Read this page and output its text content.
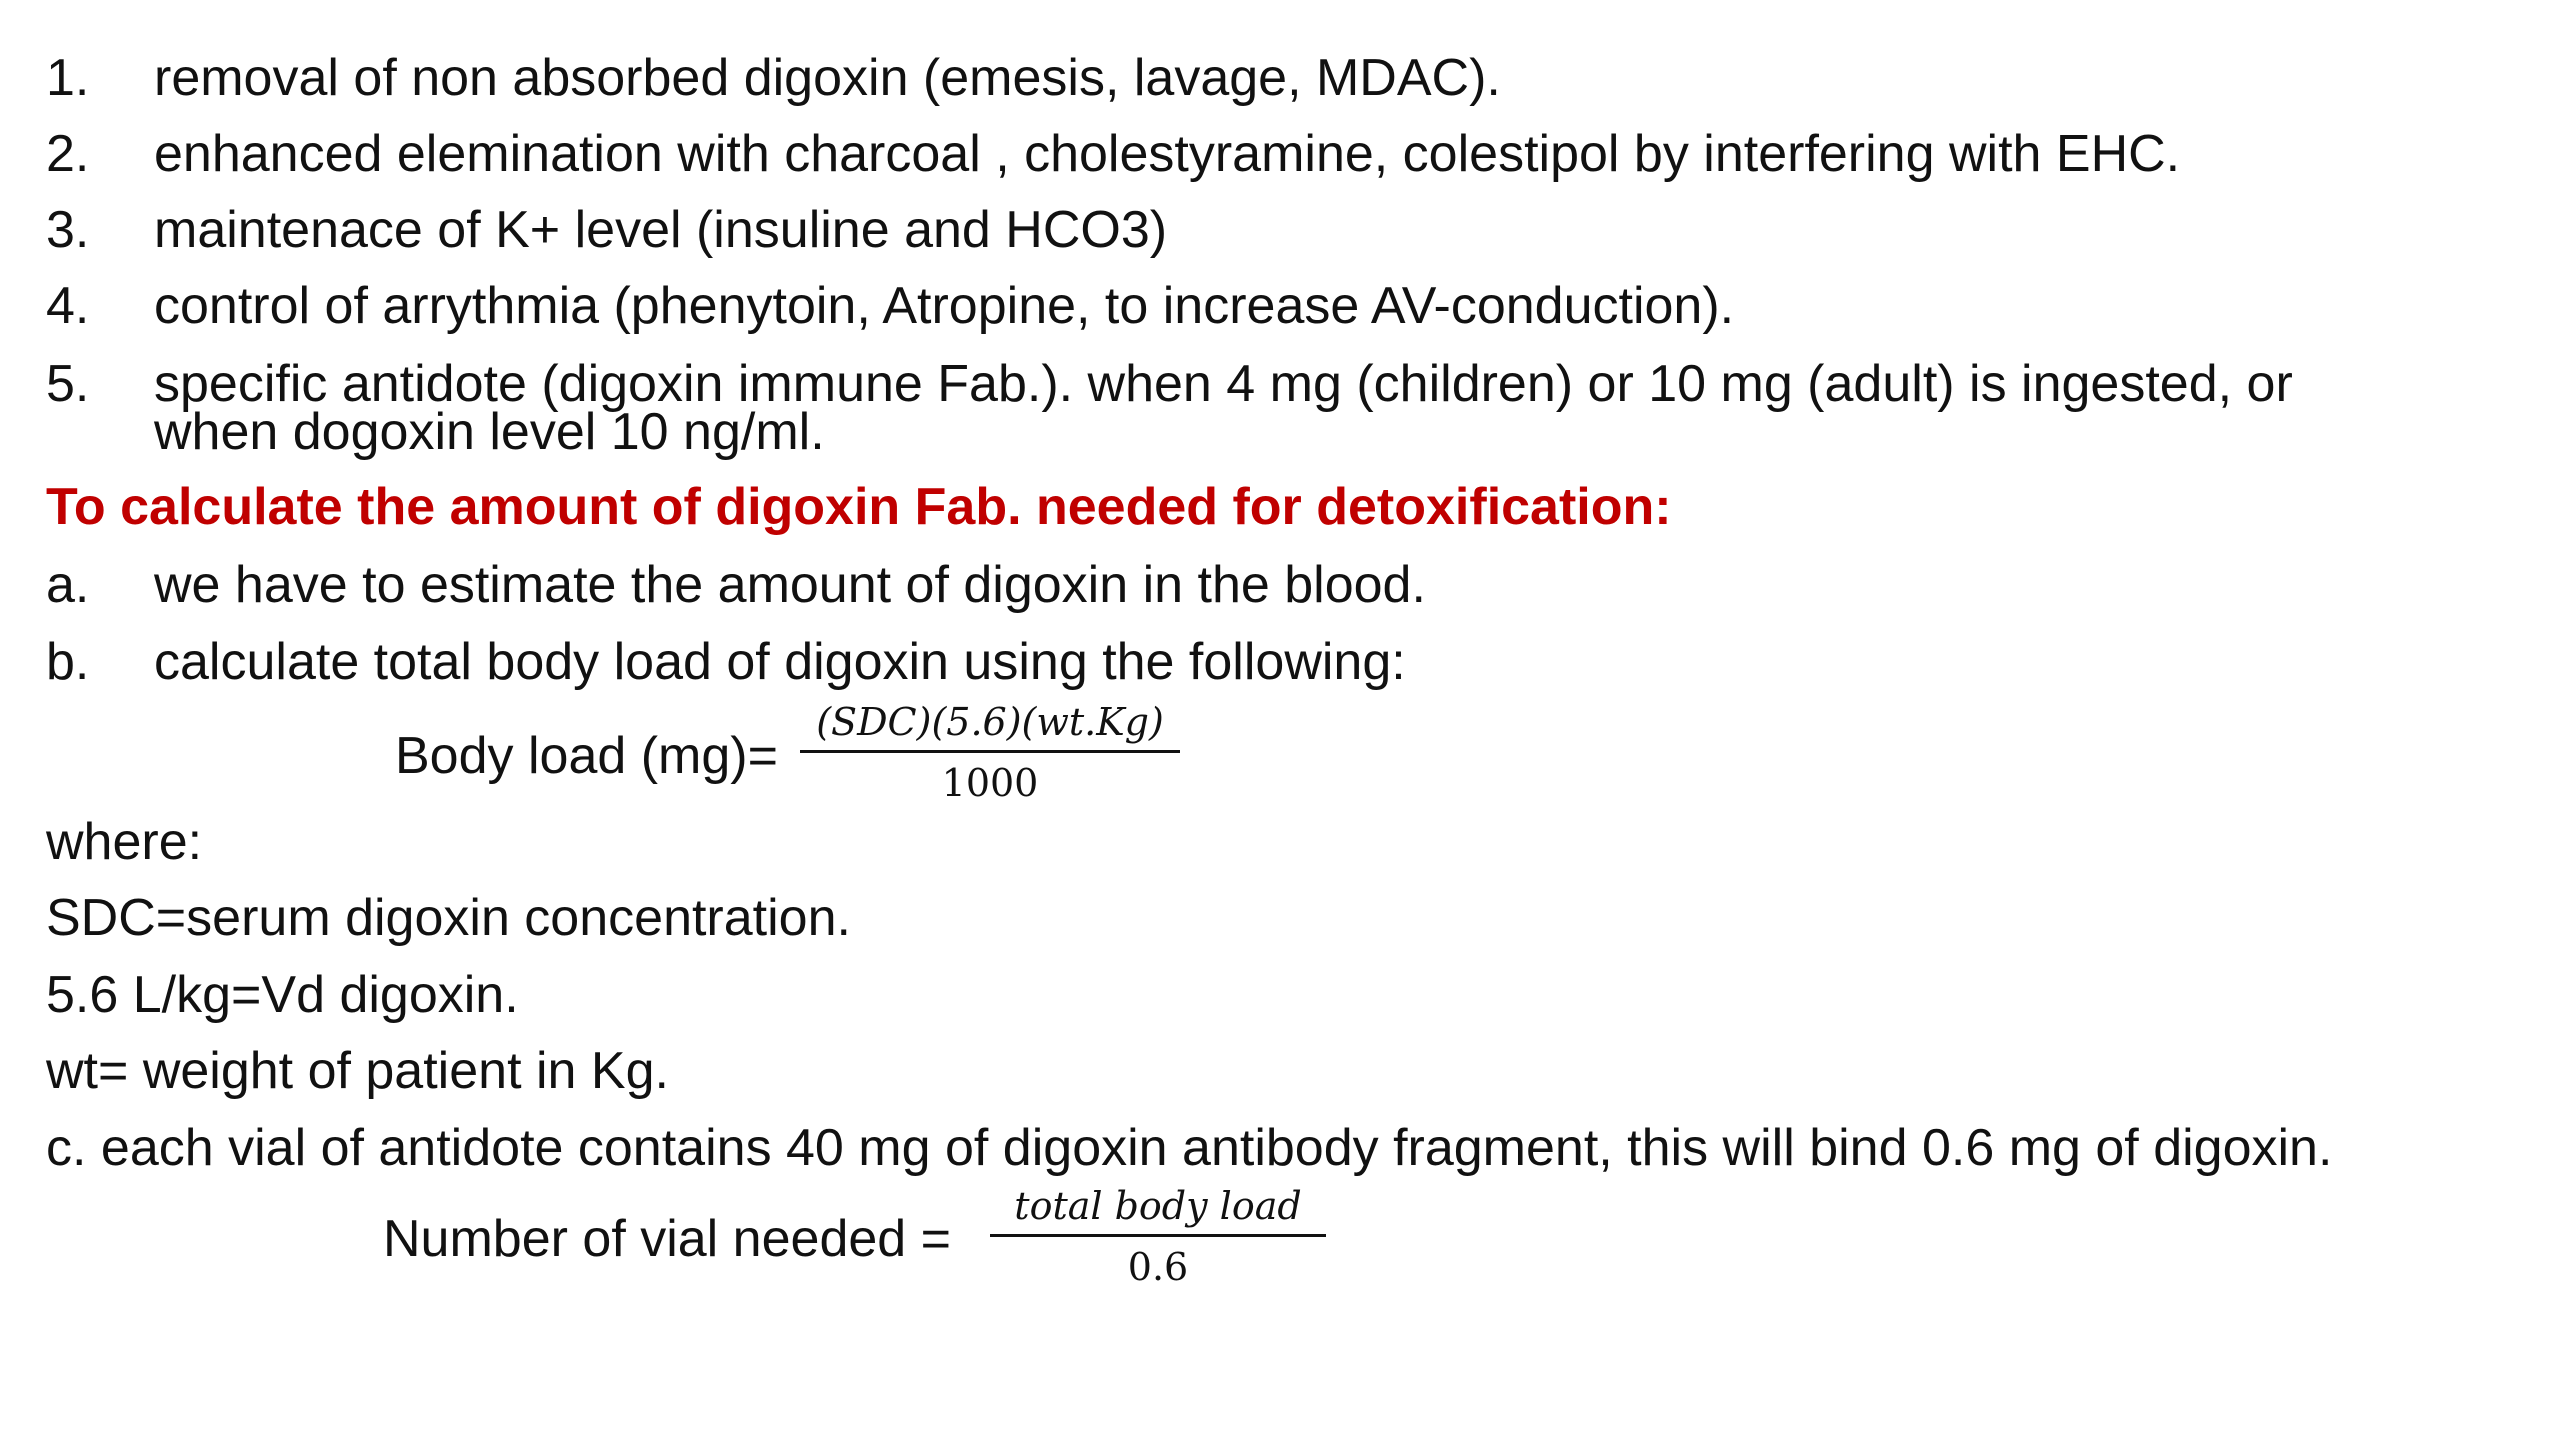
1. removal of non absorbed digoxin (emesis, lavage, MDAC).
2. enhanced elemination with charcoal , cholestyramine, colestipol by interfering with EHC.
3. maintenace of K+ level (insuline and HCO3)
4. control of arrythmia (phenytoin, Atropine, to increase AV-conduction).
5. specific antidote (digoxin immune Fab.). when 4 mg (children) or 10 mg (adult) is ingested, or
when dogoxin level 10 ng/ml.
To calculate the amount of digoxin Fab. needed for detoxification:
a. we have to estimate the amount of digoxin in the blood.
b. calculate total body load of digoxin using the following:
Body load (mg)=
(SDC)(5.6)(wt.Kg)
1000
where:
SDC=serum digoxin concentration.
5.6 L/kg=Vd digoxin.
wt= weight of patient in Kg.
c. each vial of antidote contains 40 mg of digoxin antibody fragment, this will bind 0.6 mg of digoxin.
Number of vial needed =
total body load
0.6
